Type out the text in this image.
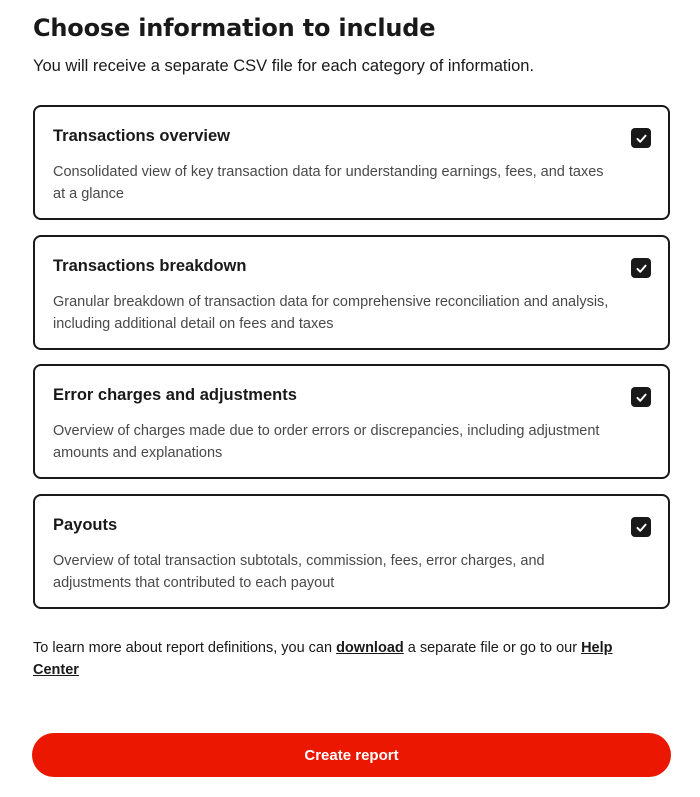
Choose information to include

You will receive a separate CSV file for each category of information.

Transactions overview
Consolidated view of key transaction data for understanding earnings, fees, and taxes at a glance
Transactions breakdown
Granular breakdown of transaction data for comprehensive reconciliation and analysis, including additional detail on fees and taxes
Error charges and adjustments
Overview of charges made due to order errors or discrepancies, including adjustment amounts and explanations
Payouts
Overview of total transaction subtotals, commission, fees, error charges, and adjustments that contributed to each payout

To learn more about report definitions, you can download a separate file or go to our Help Center

Create report
